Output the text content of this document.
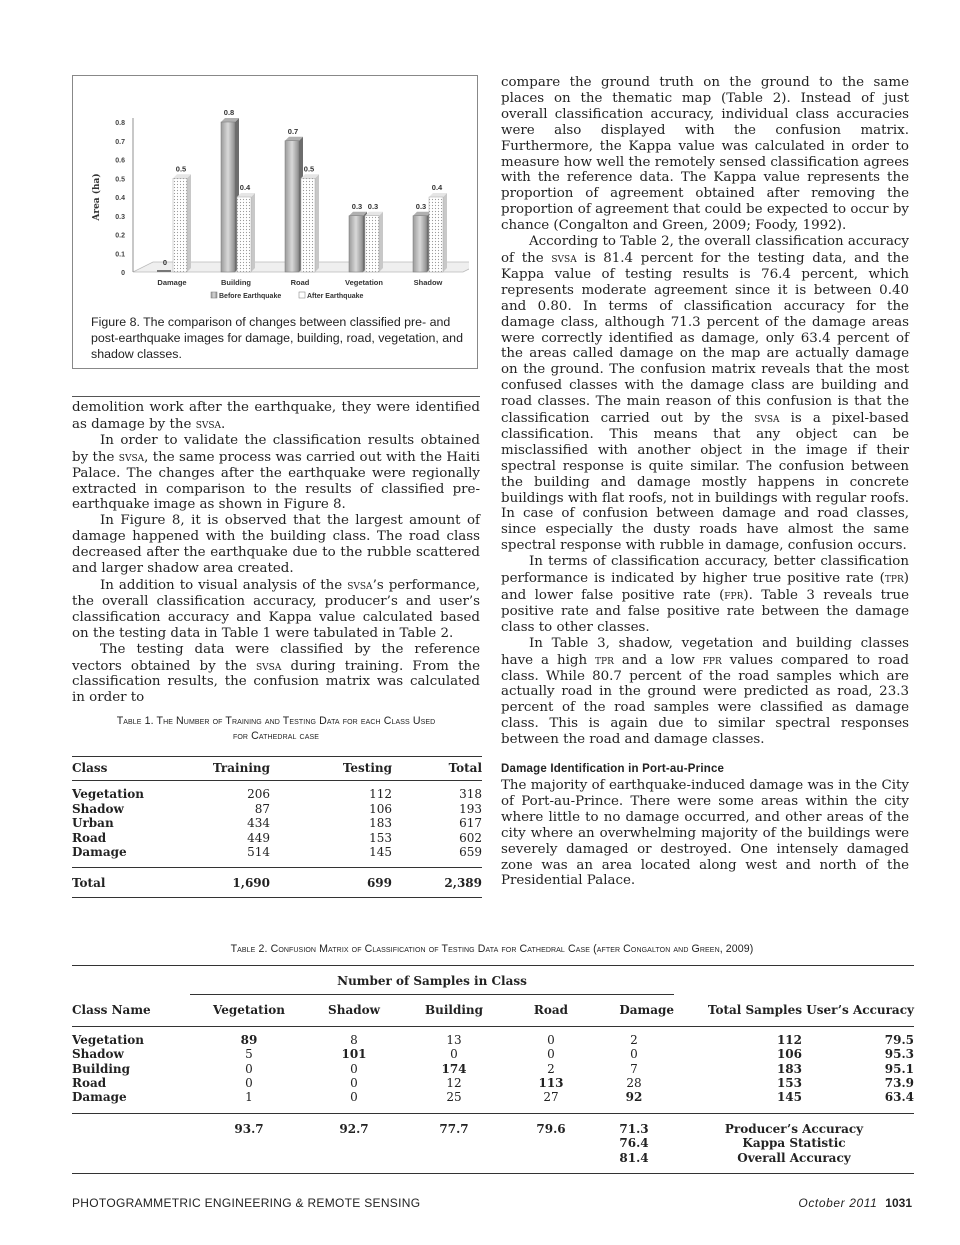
0
0.1
0.2
0.3
0.4
0.5
0.6
0.7
0.8
Area (ha)
0
0.5
Damage
0.8
0.4
Building
0.7
0.5
Road
0.3 0.3
Vegetation
0.3
0.4
Shadow
Before Earthquake	After Earthquake
Figure 8. The comparison of changes between classified pre- and post-earthquake images for damage, building, road, vegetation, and shadow classes.

demolition work after the earthquake, they were identified as damage by the svsa.

In order to validate the classification results obtained by the svsa, the same process was carried out with the Haiti Palace. The changes after the earthquake were regionally extracted in comparison to the results of classified pre-earthquake image as shown in Figure 8.

In Figure 8, it is observed that the largest amount of damage happened with the building class. The road class decreased after the earthquake due to the rubble scattered and larger shadow area created.

In addition to visual analysis of the svsa’s performance, the overall classification accuracy, producer’s and user’s classification accuracy and Kappa value calculated based on the testing data in Table 1 were tabulated in Table 2.

The testing data were classified by the reference vectors obtained by the svsa during training. From the classification results, the confusion matrix was calculated in order to

Table 1. The Number of Training and Testing Data for each Class Used
for Cathedral case
Class	Training	Testing	Total
Vegetation	206	112	318
Shadow	87	106	193
Urban	434	183	617
Road	449	153	602
Damage	514	145	659
Total	1,690	699	2,389

compare the ground truth on the ground to the same places on the thematic map (Table 2). Instead of just overall classification accuracy, individual class accuracies were also displayed with the confusion matrix. Furthermore, the Kappa value was calculated in order to measure how well the remotely sensed classification agrees with the reference data. The Kappa value represents the proportion of agreement obtained after removing the proportion of agreement that could be expected to occur by chance (Congalton and Green, 2009; Foody, 1992).

According to Table 2, the overall classification accuracy of the svsa is 81.4 percent for the testing data, and the Kappa value of testing results is 76.4 percent, which represents moderate agreement since it is between 0.40 and 0.80. In terms of classification accuracy for the damage class, although 71.3 percent of the damage areas were correctly identified as damage, only 63.4 percent of the areas called damage on the map are actually damage on the ground. The confusion matrix reveals that the most confused classes with the damage class are building and road classes. The main reason of this confusion is that the classification carried out by the svsa is a pixel-based classification. This means that any object can be misclassified with another object in the image if their spectral response is quite similar. The confusion between the building and damage mostly happens in concrete buildings with flat roofs, not in buildings with regular roofs. In case of confusion between damage and road classes, since especially the dusty roads have almost the same spectral response with rubble in damage, confusion occurs.

In terms of classification accuracy, better classification performance is indicated by higher true positive rate (tpr) and lower false positive rate (fpr). Table 3 reveals true positive rate and false positive rate between the damage class to other classes.

In Table 3, shadow, vegetation and building classes have a high tpr and a low fpr values compared to road class. While 80.7 percent of the road samples which are actually road in the ground were predicted as road, 23.3 percent of the road samples were classified as damage class. This is again due to similar spectral responses between the road and damage classes.

Damage Identification in Port-au-Prince

The majority of earthquake-induced damage was in the City of Port-au-Prince. There were some areas within the city where little to no damage occurred, and other areas of the city where an overwhelming majority of the buildings were severely damaged or destroyed. One intensely damaged zone was an area located along west and north of the Presidential Palace.

Table 2. Confusion Matrix of Classification of Testing Data for Cathedral Case (after Congalton and Green, 2009)
	Number of Samples in Class						
Class Name	Vegetation	Shadow	Building	Road	Damage	Total Samples	User’s Accuracy
Vegetation	89	8	13	0	2	112	79.5
Shadow	5	101	0	0	0	106	95.3
Building	0	0	174	2	7	183	95.1
Road	0	0	12	113	28	153	73.9
Damage	1	0	25	27	92	145	63.4
	93.7	92.7	77.7	79.6	71.3	Producer’s Accuracy	
					76.4	Kappa Statistic	
					81.4	Overall Accuracy	
PHOTOGRAMMETRIC ENGINEERING & REMOTE SENSING	October 2011 1031
